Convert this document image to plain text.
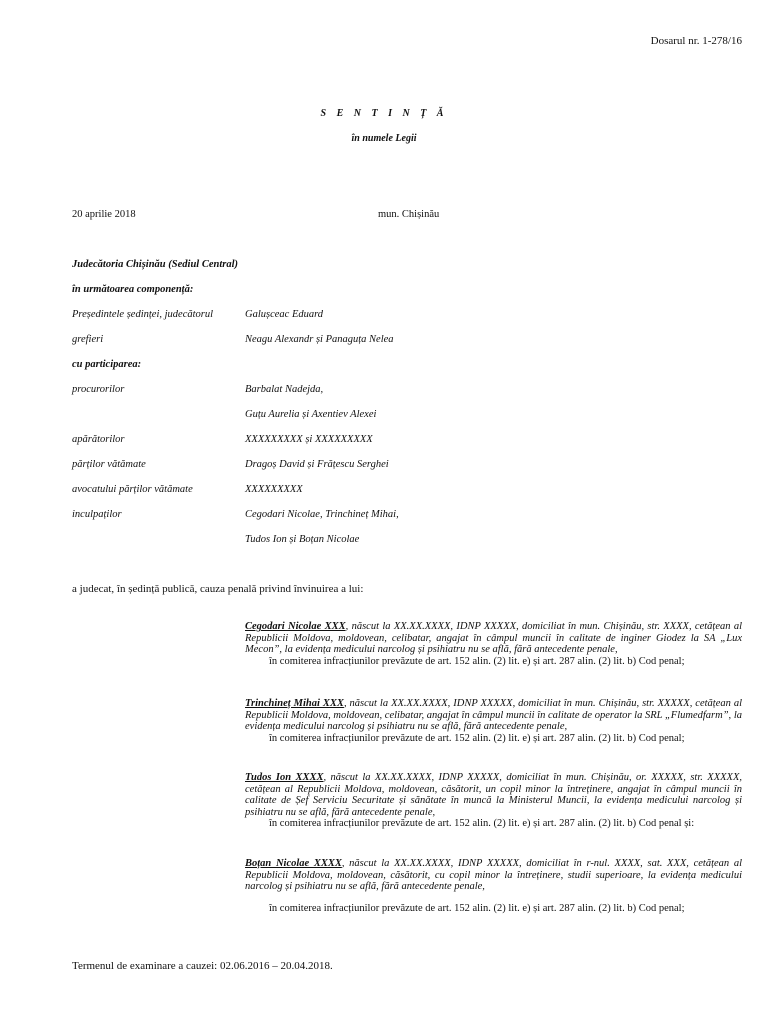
Dosarul nr. 1-278/16
S E N T I N Ț Ă
în numele Legii
20 aprilie 2018	mun. Chișinău
Judecătoria Chișinău (Sediul Central)
în următoarea componență:
Președintele ședinței, judecătorul	Galușceac Eduard
grefieri	Neagu Alexandr și Panaguța Nelea
cu participarea:
procurorilor	Barbalat Nadejda,
Guțu Aurelia și Axentiev Alexei
apărătorilor	XXXXXXXXX și XXXXXXXXX
părților vătămate	Dragoș David și Frățescu Serghei
avocatului părților vătămate	XXXXXXXXX
inculpaților	Cegodari Nicolae, Trinchineț Mihai,
Tudos Ion și Boțan Nicolae
a judecat, în ședință publică, cauza penală privind învinuirea a lui:
Cegodari Nicolae XXX, născut la XX.XX.XXXX, IDNP XXXXX, domiciliat în mun. Chișinău, str. XXXX, cetățean al Republicii Moldova, moldovean, celibatar, angajat în câmpul muncii în calitate de inginer Giodez la SA „Lux Mecon”, la evidența medicului narcolog și psihiatru nu se află, fără antecedente penale,
în comiterea infracțiunilor prevăzute de art. 152 alin. (2) lit. e) și art. 287 alin. (2) lit. b) Cod penal;
Trinchineț Mihai XXX, născut la XX.XX.XXXX, IDNP XXXXX, domiciliat în mun. Chișinău, str. XXXXX, cetățean al Republicii Moldova, moldovean, celibatar, angajat în câmpul muncii în calitate de operator la SRL „Flumedfarm”, la evidența medicului narcolog și psihiatru nu se află, fără antecedente penale,
în comiterea infracțiunilor prevăzute de art. 152 alin. (2) lit. e) și art. 287 alin. (2) lit. b) Cod penal;
Tudos Ion XXXX, născut la XX.XX.XXXX, IDNP XXXXX, domiciliat în mun. Chișinău, or. XXXXX, str. XXXXX, cetățean al Republicii Moldova, moldovean, căsătorit, un copil minor la întreținere, angajat în câmpul muncii în calitate de Șef Serviciu Securitate și sănătate în muncă la Ministerul Muncii, la evidența medicului narcolog și psihiatru nu se află, fără antecedente penale,
în comiterea infracțiunilor prevăzute de art. 152 alin. (2) lit. e) și art. 287 alin. (2) lit. b) Cod penal și:
Boțan Nicolae XXXX, născut la XX.XX.XXXX, IDNP XXXXX, domiciliat în r-nul. XXXX, sat. XXX, cetățean al Republicii Moldova, moldovean, căsătorit, cu copil minor la întreținere, studii superioare, la evidența medicului narcolog și psihiatru nu se află, fără antecedente penale,
în comiterea infracțiunilor prevăzute de art. 152 alin. (2) lit. e) și art. 287 alin. (2) lit. b) Cod penal;
Termenul de examinare a cauzei: 02.06.2016 – 20.04.2018.
